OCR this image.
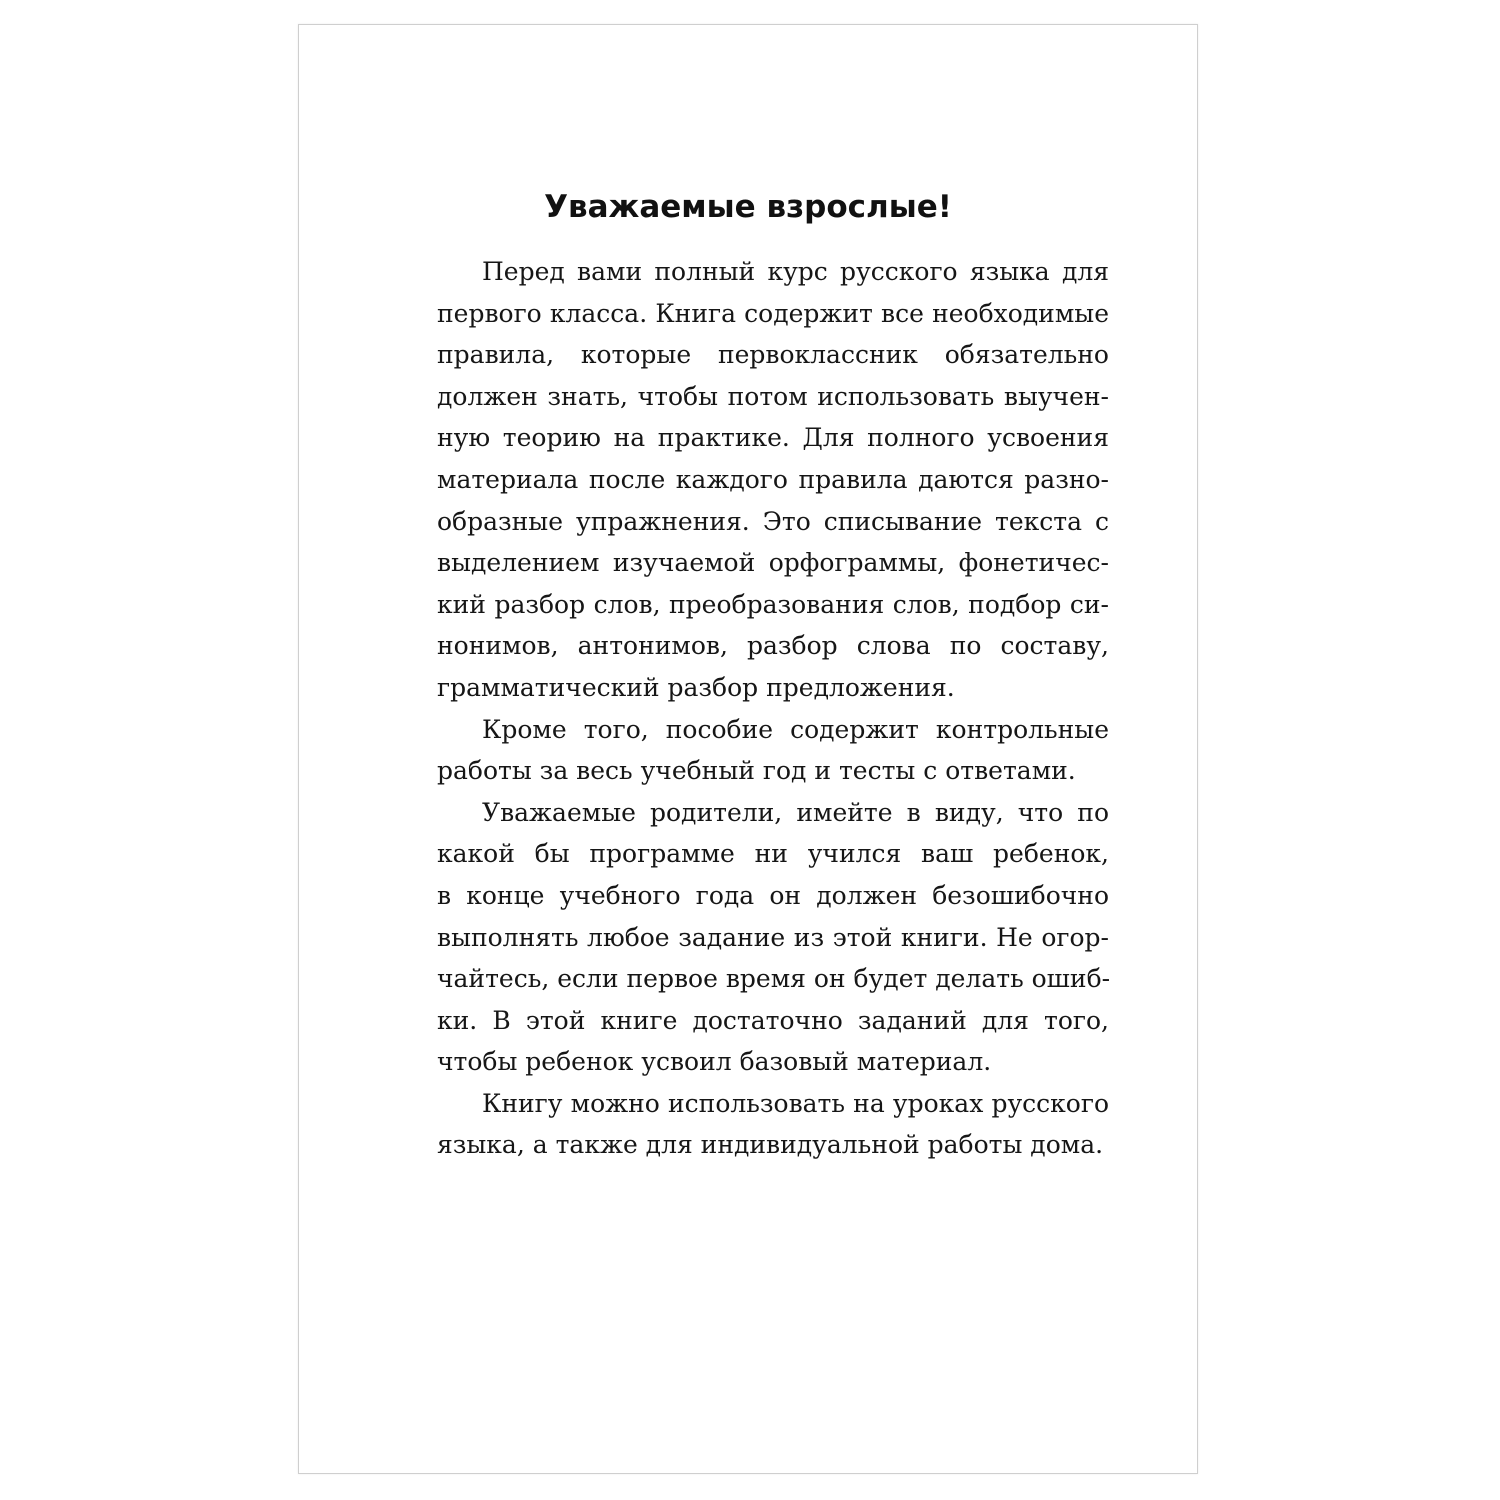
Уважаемые взрослые!
Перед вами полный курс русского языка для
первого класса. Книга содержит все необходимые
правила, которые первоклассник обязательно
должен знать, чтобы потом использовать выучен-
ную теорию на практике. Для полного усвоения
материала после каждого правила даются разно-
образные упражнения. Это списывание текста с
выделением изучаемой орфограммы, фонетичес-
кий разбор слов, преобразования слов, подбор си-
нонимов, антонимов, разбор слова по составу,
грамматический разбор предложения.
Кроме того, пособие содержит контрольные
работы за весь учебный год и тесты с ответами.
Уважаемые родители, имейте в виду, что по
какой бы программе ни учился ваш ребенок,
в конце учебного года он должен безошибочно
выполнять любое задание из этой книги. Не огор-
чайтесь, если первое время он будет делать ошиб-
ки. В этой книге достаточно заданий для того,
чтобы ребенок усвоил базовый материал.
Книгу можно использовать на уроках русского
языка, а также для индивидуальной работы дома.
